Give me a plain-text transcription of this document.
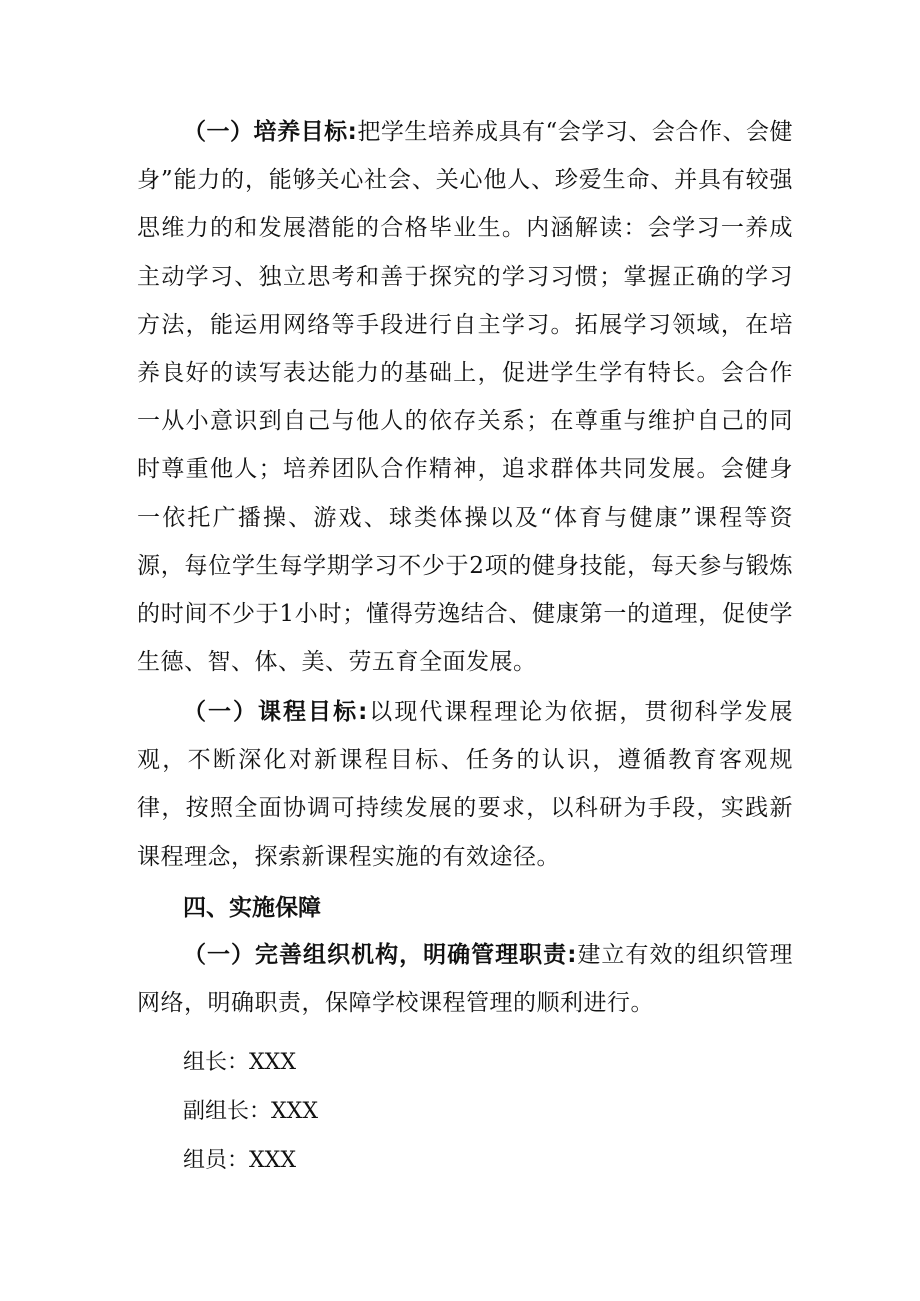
（一）培养目标:把学生培养成具有“会学习、会合作、会健身”能力的，能够关心社会、关心他人、珍爱生命、并具有较强思维力的和发展潜能的合格毕业生。内涵解读：会学习一养成主动学习、独立思考和善于探究的学习习惯；掌握正确的学习方法，能运用网络等手段进行自主学习。拓展学习领域，在培养良好的读写表达能力的基础上，促进学生学有特长。会合作一从小意识到自己与他人的依存关系；在尊重与维护自己的同时尊重他人；培养团队合作精神，追求群体共同发展。会健身一依托广播操、游戏、球类体操以及“体育与健康”课程等资源，每位学生每学期学习不少于2项的健身技能，每天参与锻炼的时间不少于1小时；懂得劳逸结合、健康第一的道理，促使学生德、智、体、美、劳五育全面发展。

（一）课程目标:以现代课程理论为依据，贯彻科学发展观，不断深化对新课程目标、任务的认识，遵循教育客观规律，按照全面协调可持续发展的要求，以科研为手段，实践新课程理念，探索新课程实施的有效途径。

四、实施保障

（一）完善组织机构，明确管理职责:建立有效的组织管理网络，明确职责，保障学校课程管理的顺利进行。

组长：XXX

副组长：XXX

组员：XXX
